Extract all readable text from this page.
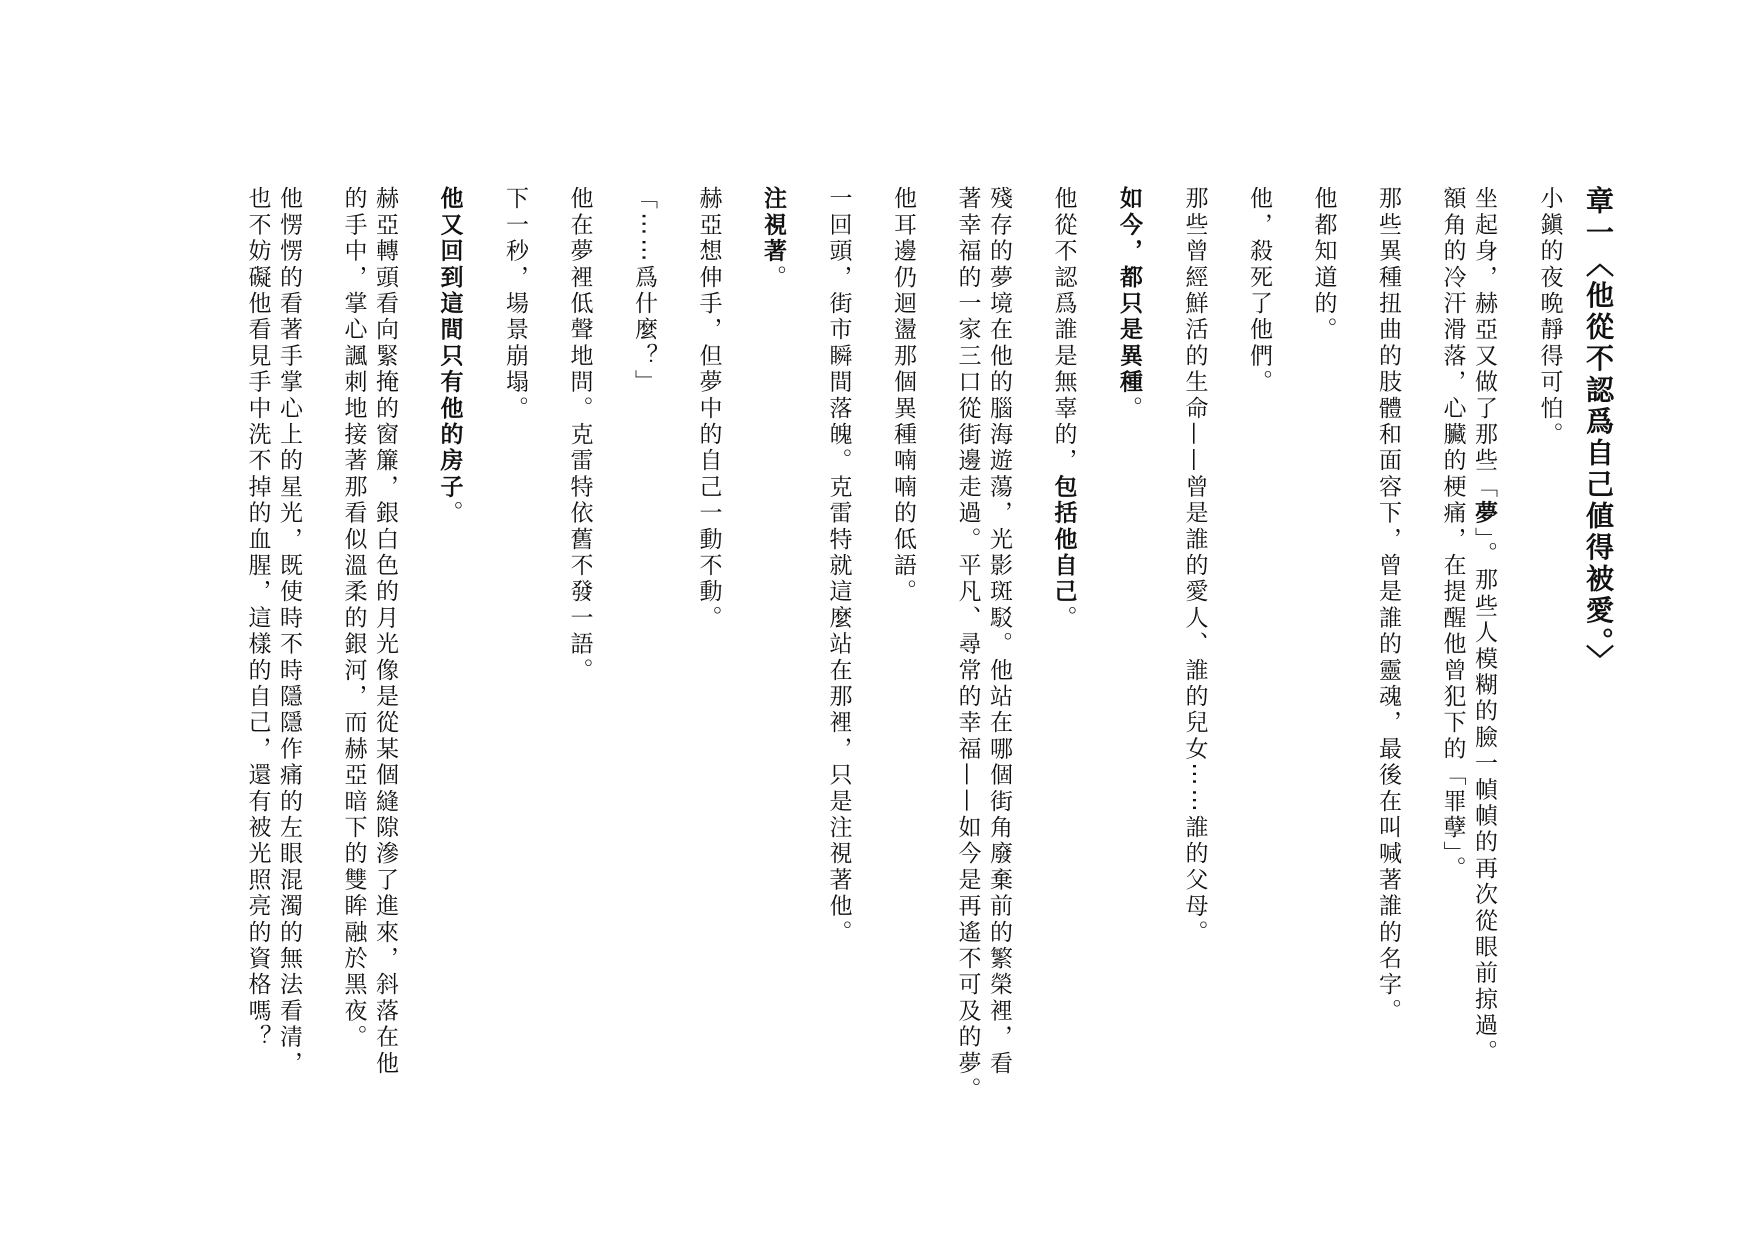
章一〈他從不認爲自己値得被愛。〉

小鎭的夜晩靜得可怕。

坐起身，赫亞又做了那些「夢」。那些人模糊的臉一幀幀的再次從眼前掠過。

額角的冷汗滑落，心臟的梗痛，在提醒他曾犯下的「罪孽」。

那些異種扭曲的肢體和面容下，曾是誰的靈魂，最後在叫喊著誰的名字。

他都知道的。

他，殺死了他們。

那些曾經鮮活的生命——曾是誰的愛人、誰的兒女⋯⋯誰的父母。

如今，都只是異種。

他從不認爲誰是無辜的，包括他自己。

殘存的夢境在他的腦海遊蕩，光影斑駁。他站在哪個街角廢棄前的繁榮裡，看

著幸福的一家三口從街邊走過。平凡、尋常的幸福——如今是再遙不可及的夢。

他耳邊仍迴盪那個異種喃喃的低語。

一回頭，街市瞬間落魄。克雷特就這麼站在那裡，只是注視著他。

注視著。

赫亞想伸手，但夢中的自己一動不動。

「⋯⋯爲什麼？」

他在夢裡低聲地問。克雷特依舊不發一語。

下一秒，場景崩塌。

他又回到這間只有他的房子。

赫亞轉頭看向緊掩的窗簾，銀白色的月光像是從某個縫隙滲了進來，斜落在他

的手中，掌心諷刺地接著那看似溫柔的銀河，而赫亞暗下的雙眸融於黑夜。

他愣愣的看著手掌心上的星光，既使時不時隱隱作痛的左眼混濁的無法看清，

也不妨礙他看見手中洗不掉的血腥，這樣的自己，還有被光照亮的資格嗎？
